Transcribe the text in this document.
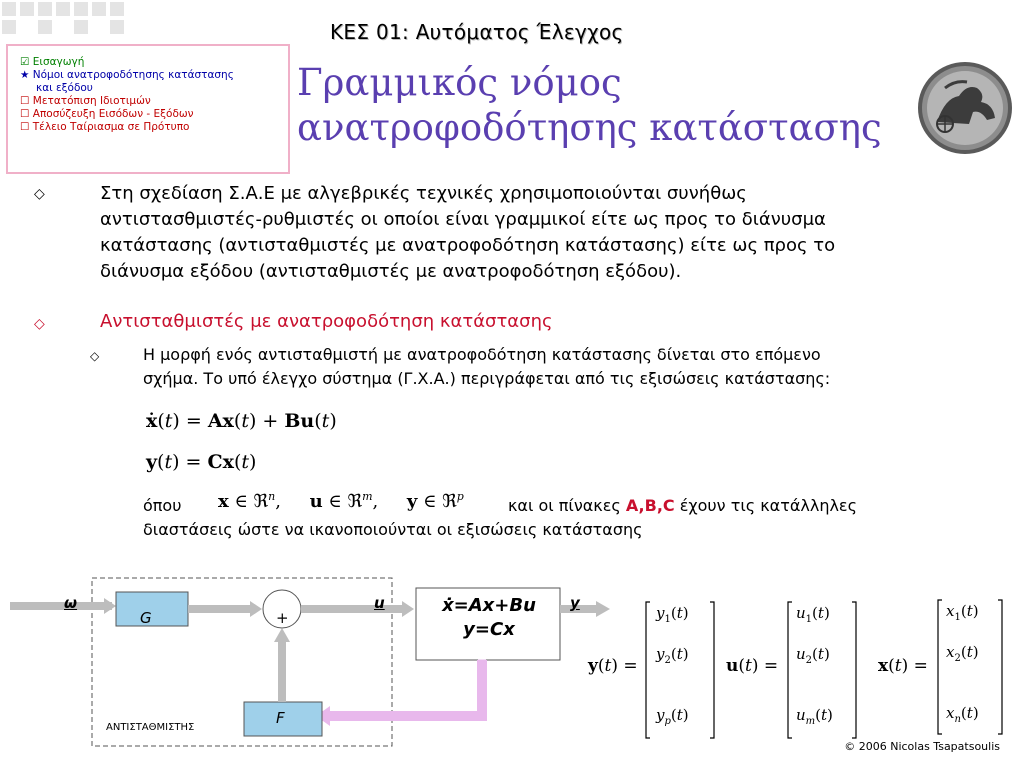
ΚΕΣ 01: Αυτόματος Έλεγχος
☑ Εισαγωγή
★ Νόμοι ανατροφοδότησης κατάστασης
και εξόδου
☐ Μετατόπιση Ιδιοτιμών
☐ Αποσύζευξη Εισόδων - Εξόδων
☐ Τέλειο Ταίριασμα σε Πρότυπο
Γραμμικός νόμος
ανατροφοδότησης κατάστασης
◇	Στη σχεδίαση Σ.Α.Ε με αλγεβρικές τεχνικές χρησιμοποιούνται συνήθως
αντιστασθμιστές-ρυθμιστές οι οποίοι είναι γραμμικοί είτε ως προς το διάνυσμα
κατάστασης (αντισταθμιστές με ανατροφοδότηση κατάστασης) είτε ως προς το
διάνυσμα εξόδου (αντισταθμιστές με ανατροφοδότηση εξόδου).
◇	Αντισταθμιστές με ανατροφοδότηση κατάστασης
◇	Η μορφή ενός αντισταθμιστή με ανατροφοδότηση κατάστασης δίνεται στο επόμενο
σχήμα. Το υπό έλεγχο σύστημα (Γ.Χ.Α.) περιγράφεται από τις εξισώσεις κατάστασης:
ẋ(t) = Ax(t) + Bu(t)
y(t) = Cx(t)
όπου x ∈ ℜ$^n$,     u ∈ ℜ$^m$,     y ∈ ℜ$^p$	και οι πίνακες A,B,C έχουν τις κατάλληλες
διαστάσεις ώστε να ικανοποιούνται οι εξισώσεις κατάστασης
ω
G	+
u	ẋ=Ax+Bu
y=Cx
y
F
ΑΝΤΙΣΤΑΘΜΙΣΤΗΣ
y(t) =
$y_1(t)$
$y_2(t)$
$y_p(t)$
u(t) =
$u_1(t)$
$u_2(t)$
$u_m(t)$
x(t) =
$x_1(t)$
$x_2(t)$
$x_n(t)$
© 2006 Nicolas Tsapatsoulis
